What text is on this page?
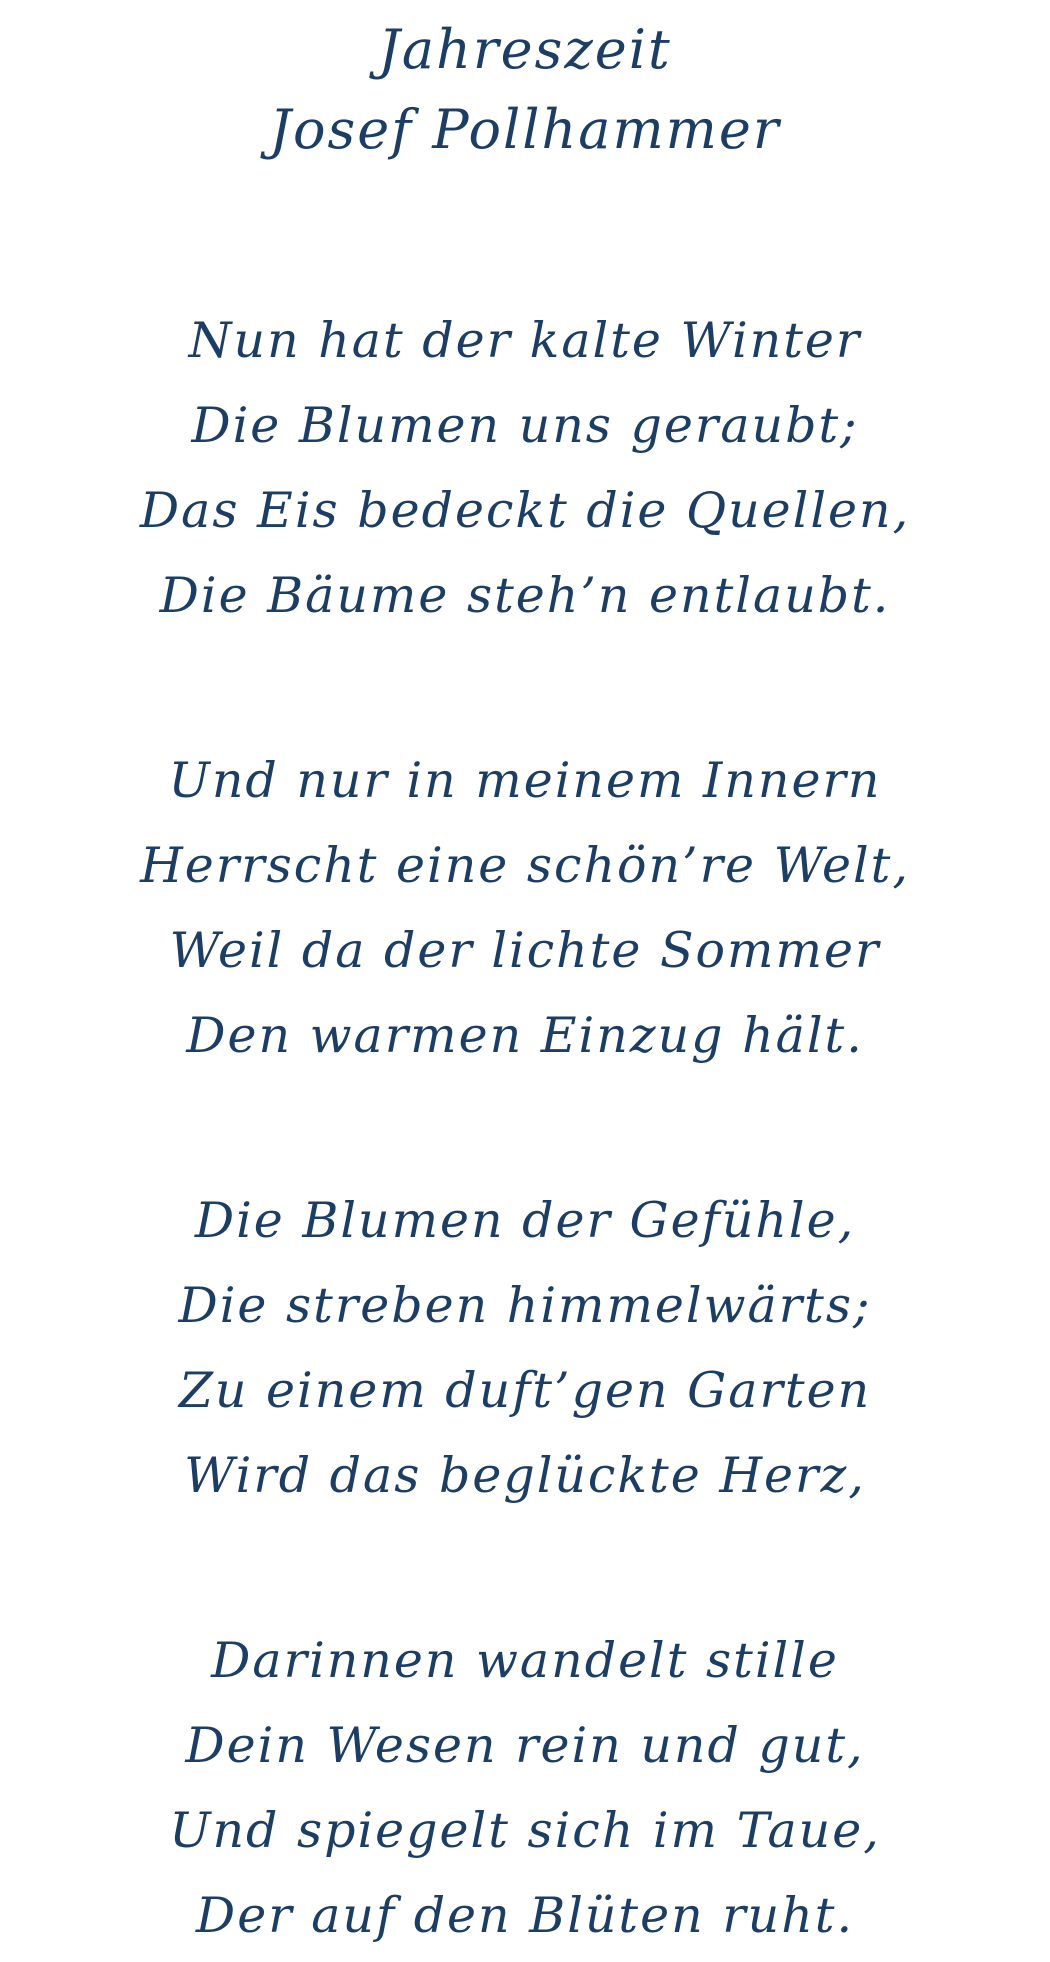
Jahreszeit
Josef Pollhammer

Nun hat der kalte Winter

Die Blumen uns geraubt;

Das Eis bedeckt die Quellen,

Die Bäume steh’n entlaubt.

Und nur in meinem Innern

Herrscht eine schön’re Welt,

Weil da der lichte Sommer

Den warmen Einzug hält.

Die Blumen der Gefühle,

Die streben himmelwärts;

Zu einem duft’gen Garten

Wird das beglückte Herz,

Darinnen wandelt stille

Dein Wesen rein und gut,

Und spiegelt sich im Taue,

Der auf den Blüten ruht.
